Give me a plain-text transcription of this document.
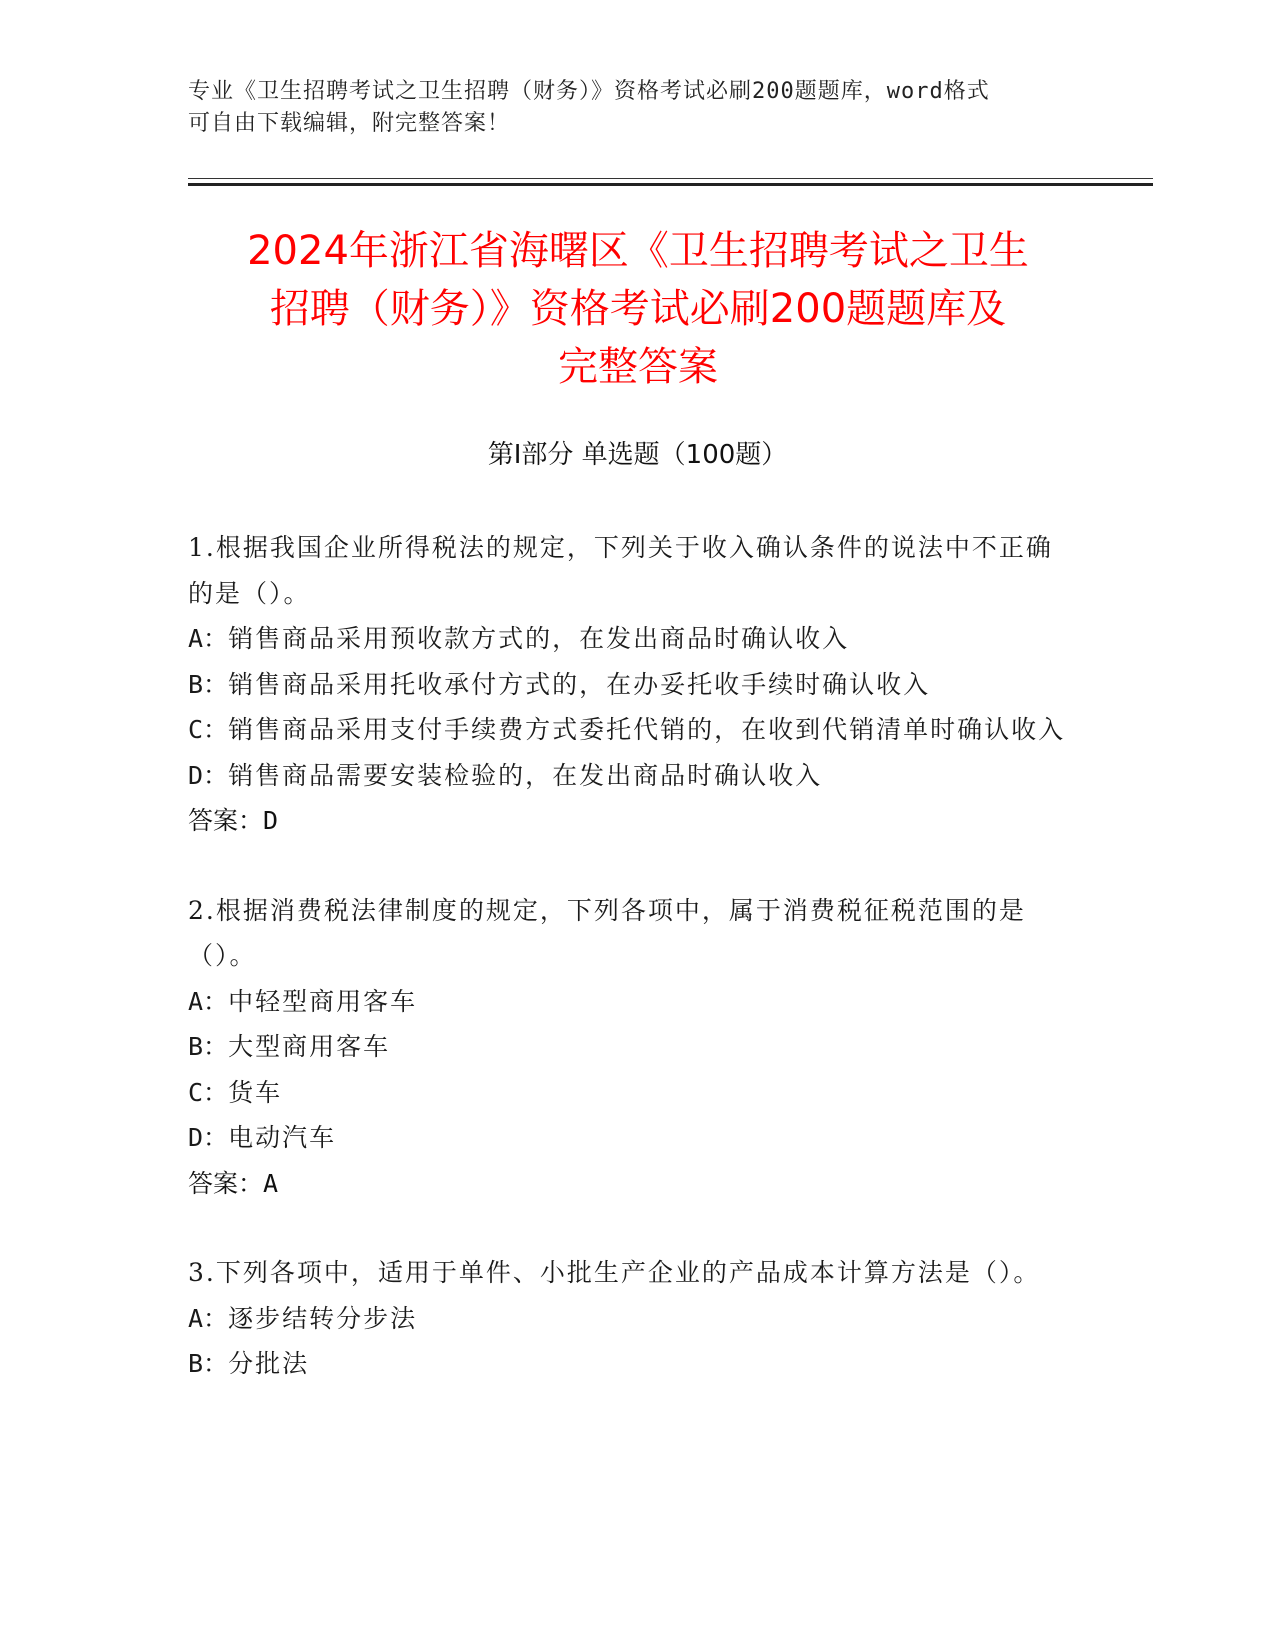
专业《卫生招聘考试之卫生招聘（财务）》资格考试必刷200题题库，word格式
可自由下载编辑，附完整答案！
2024年浙江省海曙区《卫生招聘考试之卫生
招聘（财务）》资格考试必刷200题题库及
完整答案
第Ⅰ部分 单选题（100题）
1.根据我国企业所得税法的规定，下列关于收入确认条件的说法中不正确的是（）。
A：销售商品采用预收款方式的，在发出商品时确认收入
B：销售商品采用托收承付方式的，在办妥托收手续时确认收入
C：销售商品采用支付手续费方式委托代销的，在收到代销清单时确认收入
D：销售商品需要安装检验的，在发出商品时确认收入
答案：D
2.根据消费税法律制度的规定，下列各项中，属于消费税征税范围的是（）。
A：中轻型商用客车
B：大型商用客车
C：货车
D：电动汽车
答案：A
3.下列各项中，适用于单件、小批生产企业的产品成本计算方法是（）。
A：逐步结转分步法
B：分批法
